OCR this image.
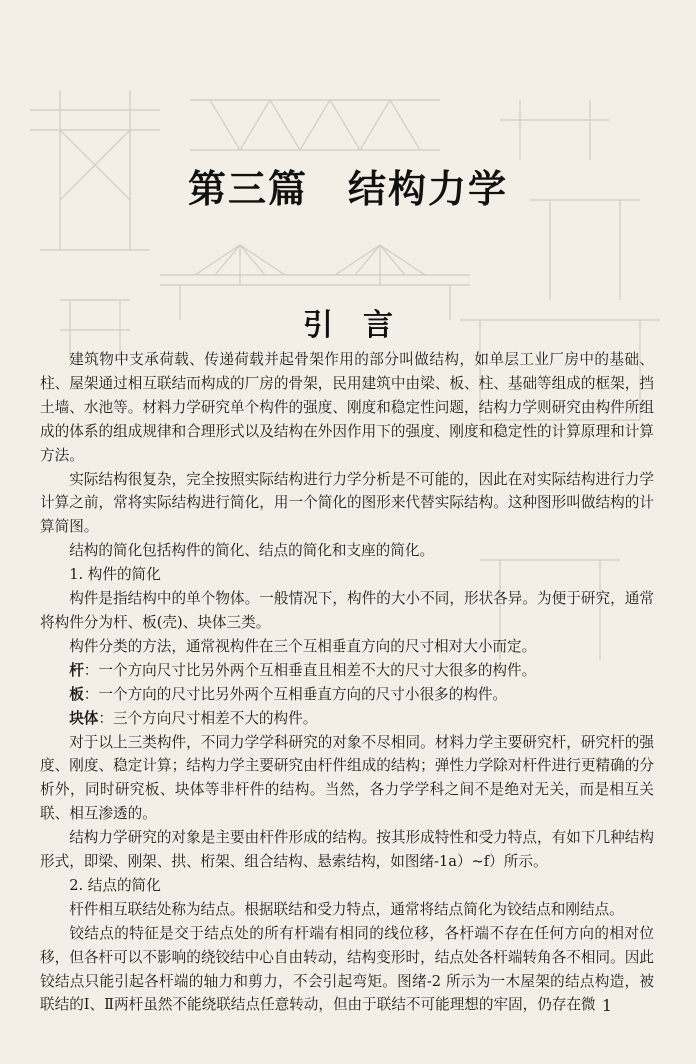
第三篇　结构力学
引言

建筑物中支承荷载、传递荷载并起骨架作用的部分叫做结构，如单层工业厂房中的基础、柱、屋架通过相互联结而构成的厂房的骨架，民用建筑中由梁、板、柱、基础等组成的框架，挡土墙、水池等。材料力学研究单个构件的强度、刚度和稳定性问题，结构力学则研究由构件所组成的体系的组成规律和合理形式以及结构在外因作用下的强度、刚度和稳定性的计算原理和计算方法。

实际结构很复杂，完全按照实际结构进行力学分析是不可能的，因此在对实际结构进行力学计算之前，常将实际结构进行简化，用一个简化的图形来代替实际结构。这种图形叫做结构的计算简图。

结构的简化包括构件的简化、结点的简化和支座的简化。

1. 构件的简化

构件是指结构中的单个物体。一般情况下，构件的大小不同，形状各异。为便于研究，通常将构件分为杆、板(壳)、块体三类。

构件分类的方法，通常视构件在三个互相垂直方向的尺寸相对大小而定。

杆：一个方向尺寸比另外两个互相垂直且相差不大的尺寸大很多的构件。

板：一个方向的尺寸比另外两个互相垂直方向的尺寸小很多的构件。

块体：三个方向尺寸相差不大的构件。

对于以上三类构件，不同力学学科研究的对象不尽相同。材料力学主要研究杆，研究杆的强度、刚度、稳定计算；结构力学主要研究由杆件组成的结构；弹性力学除对杆件进行更精确的分析外，同时研究板、块体等非杆件的结构。当然，各力学学科之间不是绝对无关，而是相互关联、相互渗透的。

结构力学研究的对象是主要由杆件形成的结构。按其形成特性和受力特点，有如下几种结构形式，即梁、刚架、拱、桁架、组合结构、悬索结构，如图绪-1a）~f）所示。

2. 结点的简化

杆件相互联结处称为结点。根据联结和受力特点，通常将结点简化为铰结点和刚结点。

铰结点的特征是交于结点处的所有杆端有相同的线位移，各杆端不存在任何方向的相对位移，但各杆可以不影响的绕铰结中心自由转动，结构变形时，结点处各杆端转角各不相同。因此铰结点只能引起各杆端的轴力和剪力，不会引起弯矩。图绪-2 所示为一木屋架的结点构造，被联结的Ⅰ、Ⅱ两杆虽然不能绕联结点任意转动，但由于联结不可能理想的牢固，仍存在微 1
